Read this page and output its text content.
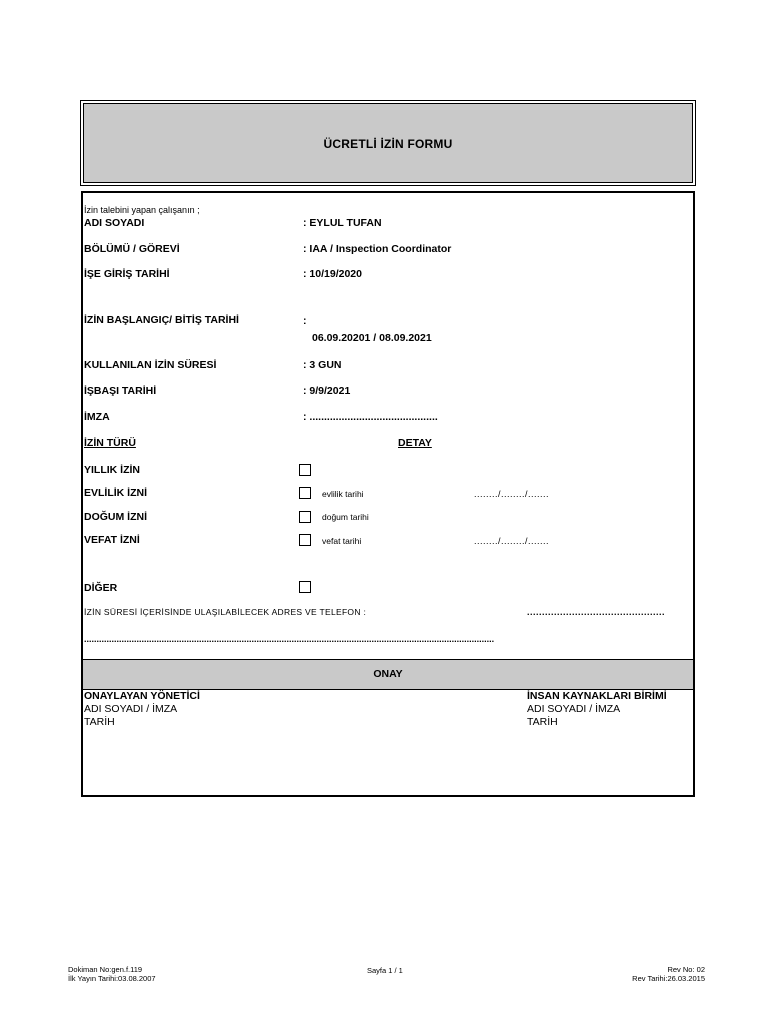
ÜCRETLİ İZİN FORMU
İzin talebini yapan çalışanın ;
ADI SOYADI	: EYLUL TUFAN
BÖLÜMÜ / GÖREVİ	: IAA / Inspection Coordinator
İŞE GİRİŞ TARİHİ	: 10/19/2020
İZİN BAŞLANGIÇ/ BİTİŞ TARİHİ	:
06.09.20201 / 08.09.2021
KULLANILAN İZİN SÜRESİ	: 3 GUN
İŞBAŞI TARİHİ	: 9/9/2021
İMZA	: ............................................
İZİN TÜRÜ	DETAY
YILLIK İZİN
EVLİLİK İZNİ	evlilik tarihi	......../......../.......
DOĞUM İZNİ	doğum tarihi
VEFAT İZNİ	vefat tarihi	......../......../.......
DİĞER
İZİN SÜRESİ İÇERİSİNDE ULAŞILABİLECEK ADRES VE TELEFON :	..............................................
....................................................................................................................................................................
ONAY
ONAYLAYAN YÖNETİCİ
ADI SOYADI / İMZA
TARİH
İNSAN KAYNAKLARI BİRİMİ
ADI SOYADI / İMZA
TARİH
Dokiman No:gen.f.119
İlk Yayın Tarihi:03.08.2007
Sayfa 1 / 1	Rev No: 02
Rev Tarihi:26.03.2015
